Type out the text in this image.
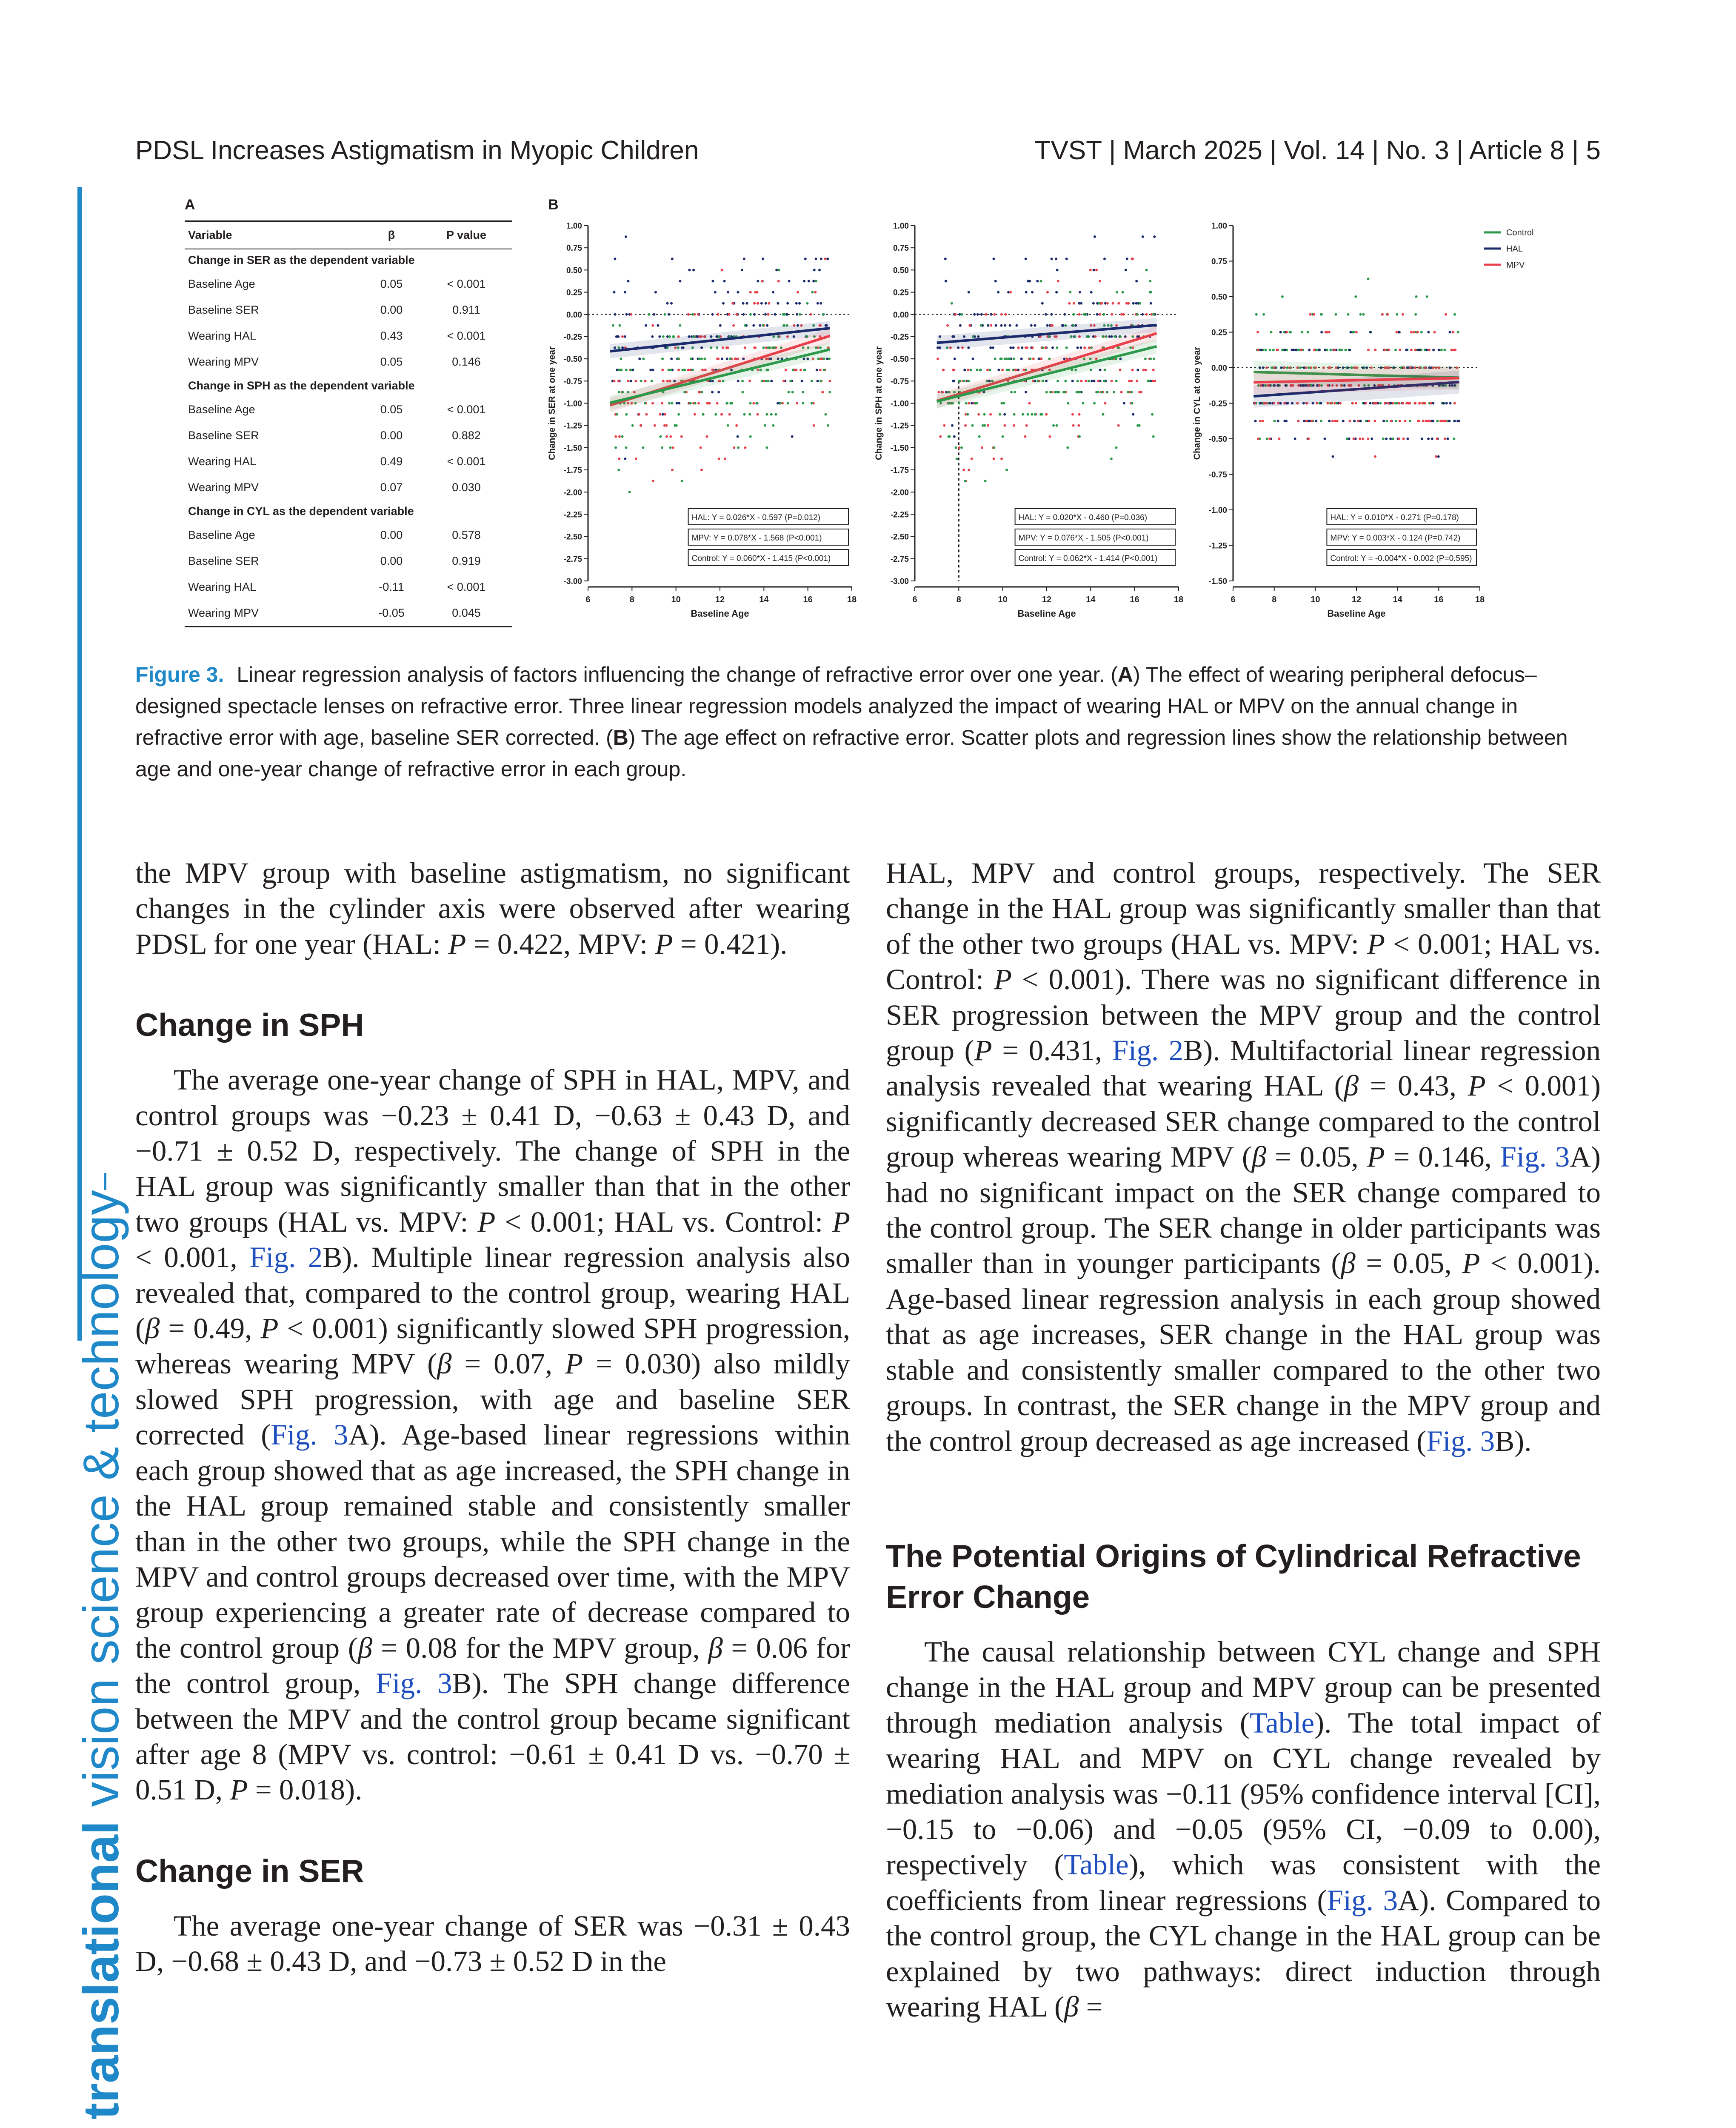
PDSL Increases Astigmatism in Myopic Children	TVST | March 2025 | Vol. 14 | No. 3 | Article 8 | 5
translational vision science & technology
A	B
Variable	β	P value
Change in SER as the dependent variable		
Baseline Age	0.05	< 0.001
Baseline SER	0.00	0.911
Wearing HAL	0.43	< 0.001
Wearing MPV	0.05	0.146
Change in SPH as the dependent variable		
Baseline Age	0.05	< 0.001
Baseline SER	0.00	0.882
Wearing HAL	0.49	< 0.001
Wearing MPV	0.07	0.030
Change in CYL as the dependent variable		
Baseline Age	0.00	0.578
Baseline SER	0.00	0.919
Wearing HAL	-0.11	< 0.001
Wearing MPV	-0.05	0.045
1.00
0.75
0.50
0.25
0.00
-0.25
-0.50
-0.75
-1.00
-1.25
-1.50
-1.75
-2.00
-2.25
-2.50
-2.75
-3.00
6	8	10	12	14	16	18
Baseline Age
Change in SER at one year
HAL: Y = 0.026*X - 0.597 (P=0.012)
MPV: Y = 0.078*X - 1.568 (P<0.001)
Control: Y = 0.060*X - 1.415 (P<0.001)
1.00
0.75
0.50
0.25
0.00
-0.25
-0.50
-0.75
-1.00
-1.25
-1.50
-1.75
-2.00
-2.25
-2.50
-2.75
-3.00
6	8	10	12	14	16	18
Baseline Age
Change in SPH at one year
HAL: Y = 0.020*X - 0.460 (P=0.036)
MPV: Y = 0.076*X - 1.505 (P<0.001)
Control: Y = 0.062*X - 1.414 (P<0.001)
1.00
0.75
0.50
0.25
0.00
-0.25
-0.50
-0.75
-1.00
-1.25
-1.50
6	8	10	12	14	16	18
Baseline Age
Change in CYL at one year
HAL: Y = 0.010*X - 0.271 (P=0.178)
MPV: Y = 0.003*X - 0.124 (P=0.742)
Control: Y = -0.004*X - 0.002 (P=0.595)
Control
HAL
MPV
Figure 3. Linear regression analysis of factors influencing the change of refractive error over one year. (A) The effect of wearing peripheral defocus–designed spectacle lenses on refractive error. Three linear regression models analyzed the impact of wearing HAL or MPV on the annual change in refractive error with age, baseline SER corrected. (B) The age effect on refractive error. Scatter plots and regression lines show the relationship between age and one-year change of refractive error in each group.

the MPV group with baseline astigmatism, no significant changes in the cylinder axis were observed after wearing PDSL for one year (HAL: P = 0.422, MPV: P = 0.421).

Change in SPH

The average one-year change of SPH in HAL, MPV, and control groups was −0.23 ± 0.41 D, −0.63 ± 0.43 D, and −0.71 ± 0.52 D, respectively. The change of SPH in the HAL group was significantly smaller than that in the other two groups (HAL vs. MPV: P < 0.001; HAL vs. Control: P < 0.001, Fig. 2B). Multiple linear regression analysis also revealed that, compared to the control group, wearing HAL (β = 0.49, P < 0.001) significantly slowed SPH progression, whereas wearing MPV (β = 0.07, P = 0.030) also mildly slowed SPH progression, with age and baseline SER corrected (Fig. 3A). Age-based linear regressions within each group showed that as age increased, the SPH change in the HAL group remained stable and consistently smaller than in the other two groups, while the SPH change in the MPV and control groups decreased over time, with the MPV group experiencing a greater rate of decrease compared to the control group (β = 0.08 for the MPV group, β = 0.06 for the control group, Fig. 3B). The SPH change difference between the MPV and the control group became significant after age 8 (MPV vs. control: −0.61 ± 0.41 D vs. −0.70 ± 0.51 D, P = 0.018).

Change in SER

The average one-year change of SER was −0.31 ± 0.43 D, −0.68 ± 0.43 D, and −0.73 ± 0.52 D in the

HAL, MPV and control groups, respectively. The SER change in the HAL group was significantly smaller than that of the other two groups (HAL vs. MPV: P < 0.001; HAL vs. Control: P < 0.001). There was no significant difference in SER progression between the MPV group and the control group (P = 0.431, Fig. 2B). Multifactorial linear regression analysis revealed that wearing HAL (β = 0.43, P < 0.001) significantly decreased SER change compared to the control group whereas wearing MPV (β = 0.05, P = 0.146, Fig. 3A) had no significant impact on the SER change compared to the control group. The SER change in older participants was smaller than in younger participants (β = 0.05, P < 0.001). Age-based linear regression analysis in each group showed that as age increases, SER change in the HAL group was stable and consistently smaller compared to the other two groups. In contrast, the SER change in the MPV group and the control group decreased as age increased (Fig. 3B).

The Potential Origins of Cylindrical Refractive Error Change

The causal relationship between CYL change and SPH change in the HAL group and MPV group can be presented through mediation analysis (Table). The total impact of wearing HAL and MPV on CYL change revealed by mediation analysis was −0.11 (95% confidence interval [CI], −0.15 to −0.06) and −0.05 (95% CI, −0.09 to 0.00), respectively (Table), which was consistent with the coefficients from linear regressions (Fig. 3A). Compared to the control group, the CYL change in the HAL group can be explained by two pathways: direct induction through wearing HAL (β =
